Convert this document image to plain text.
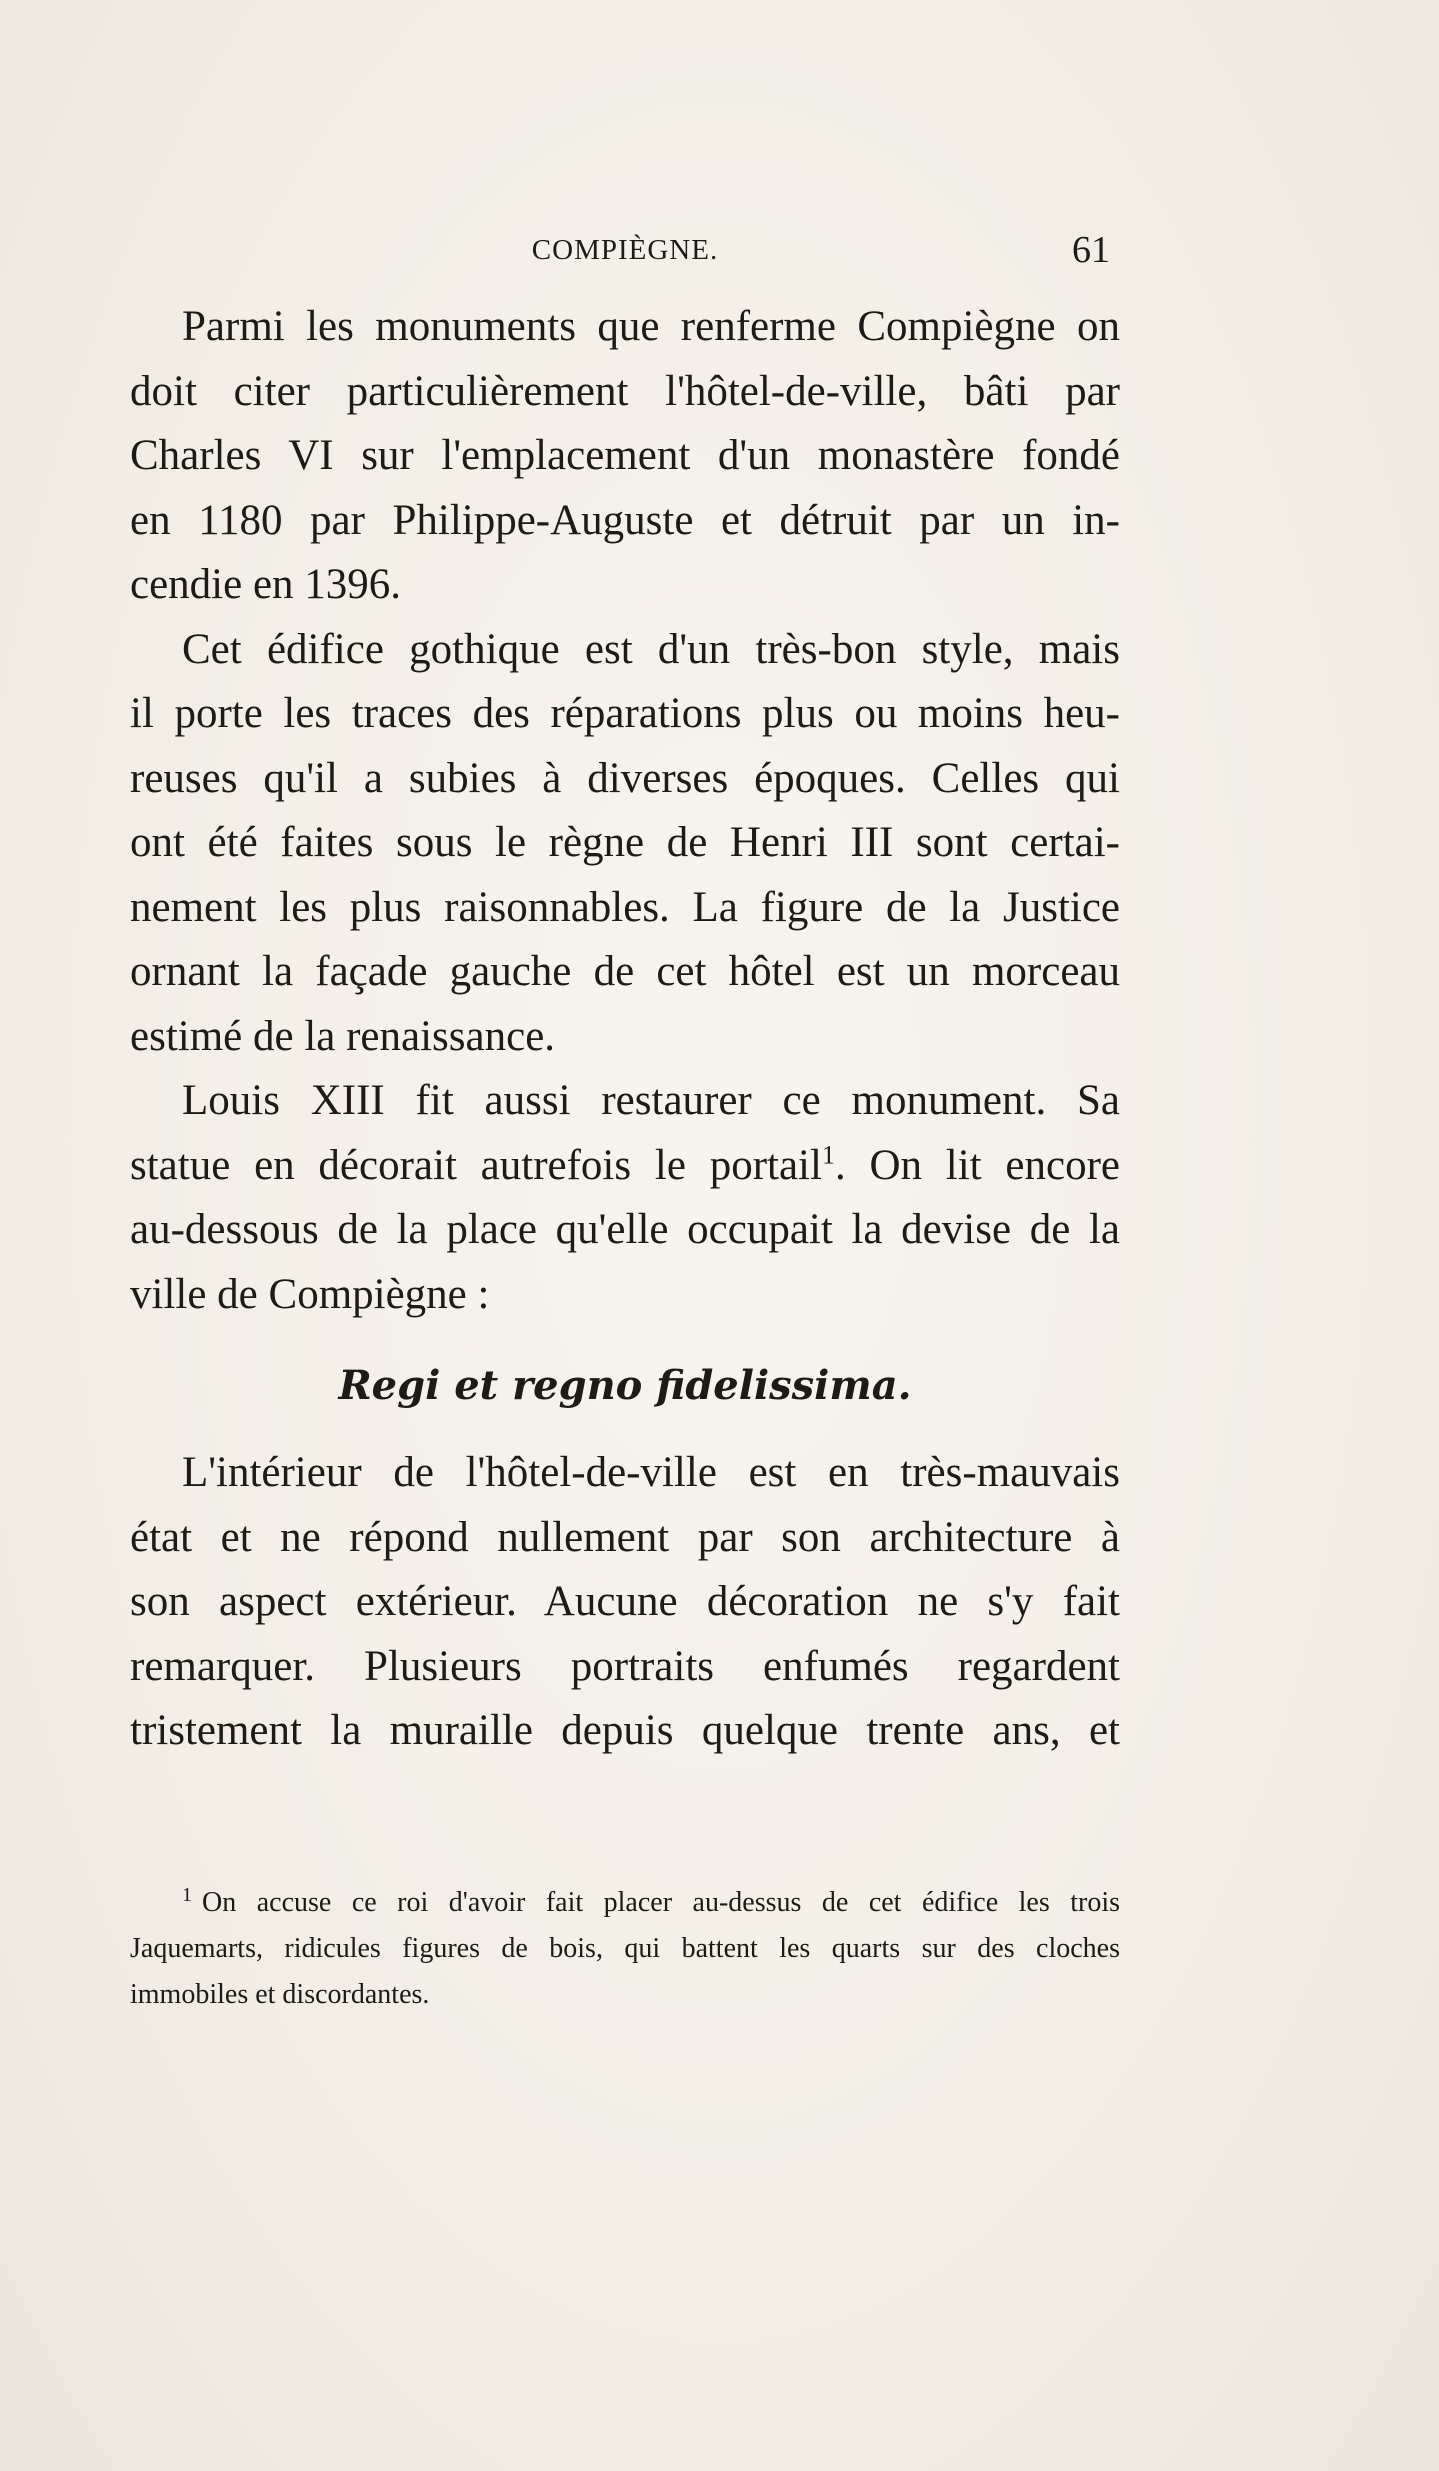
COMPIÈGNE.	61
Parmi les monuments que renferme Compiègne on
doit citer particulièrement l'hôtel-de-ville, bâti par
Charles VI sur l'emplacement d'un monastère fondé
en 1180 par Philippe-Auguste et détruit par un in-
cendie en 1396.
Cet édifice gothique est d'un très-bon style, mais
il porte les traces des réparations plus ou moins heu-
reuses qu'il a subies à diverses époques. Celles qui
ont été faites sous le règne de Henri III sont certai-
nement les plus raisonnables. La figure de la Justice
ornant la façade gauche de cet hôtel est un morceau
estimé de la renaissance.
Louis XIII fit aussi restaurer ce monument. Sa
statue en décorait autrefois le portail$^1$. On lit encore
au-dessous de la place qu'elle occupait la devise de la
ville de Compiègne :
Regi et regno fidelissima.
L'intérieur de l'hôtel-de-ville est en très-mauvais
état et ne répond nullement par son architecture à
son aspect extérieur. Aucune décoration ne s'y fait
remarquer. Plusieurs portraits enfumés regardent
tristement la muraille depuis quelque trente ans, et
$^1$ On accuse ce roi d'avoir fait placer au-dessus de cet édifice les trois
Jaquemarts, ridicules figures de bois, qui battent les quarts sur des cloches
immobiles et discordantes.
